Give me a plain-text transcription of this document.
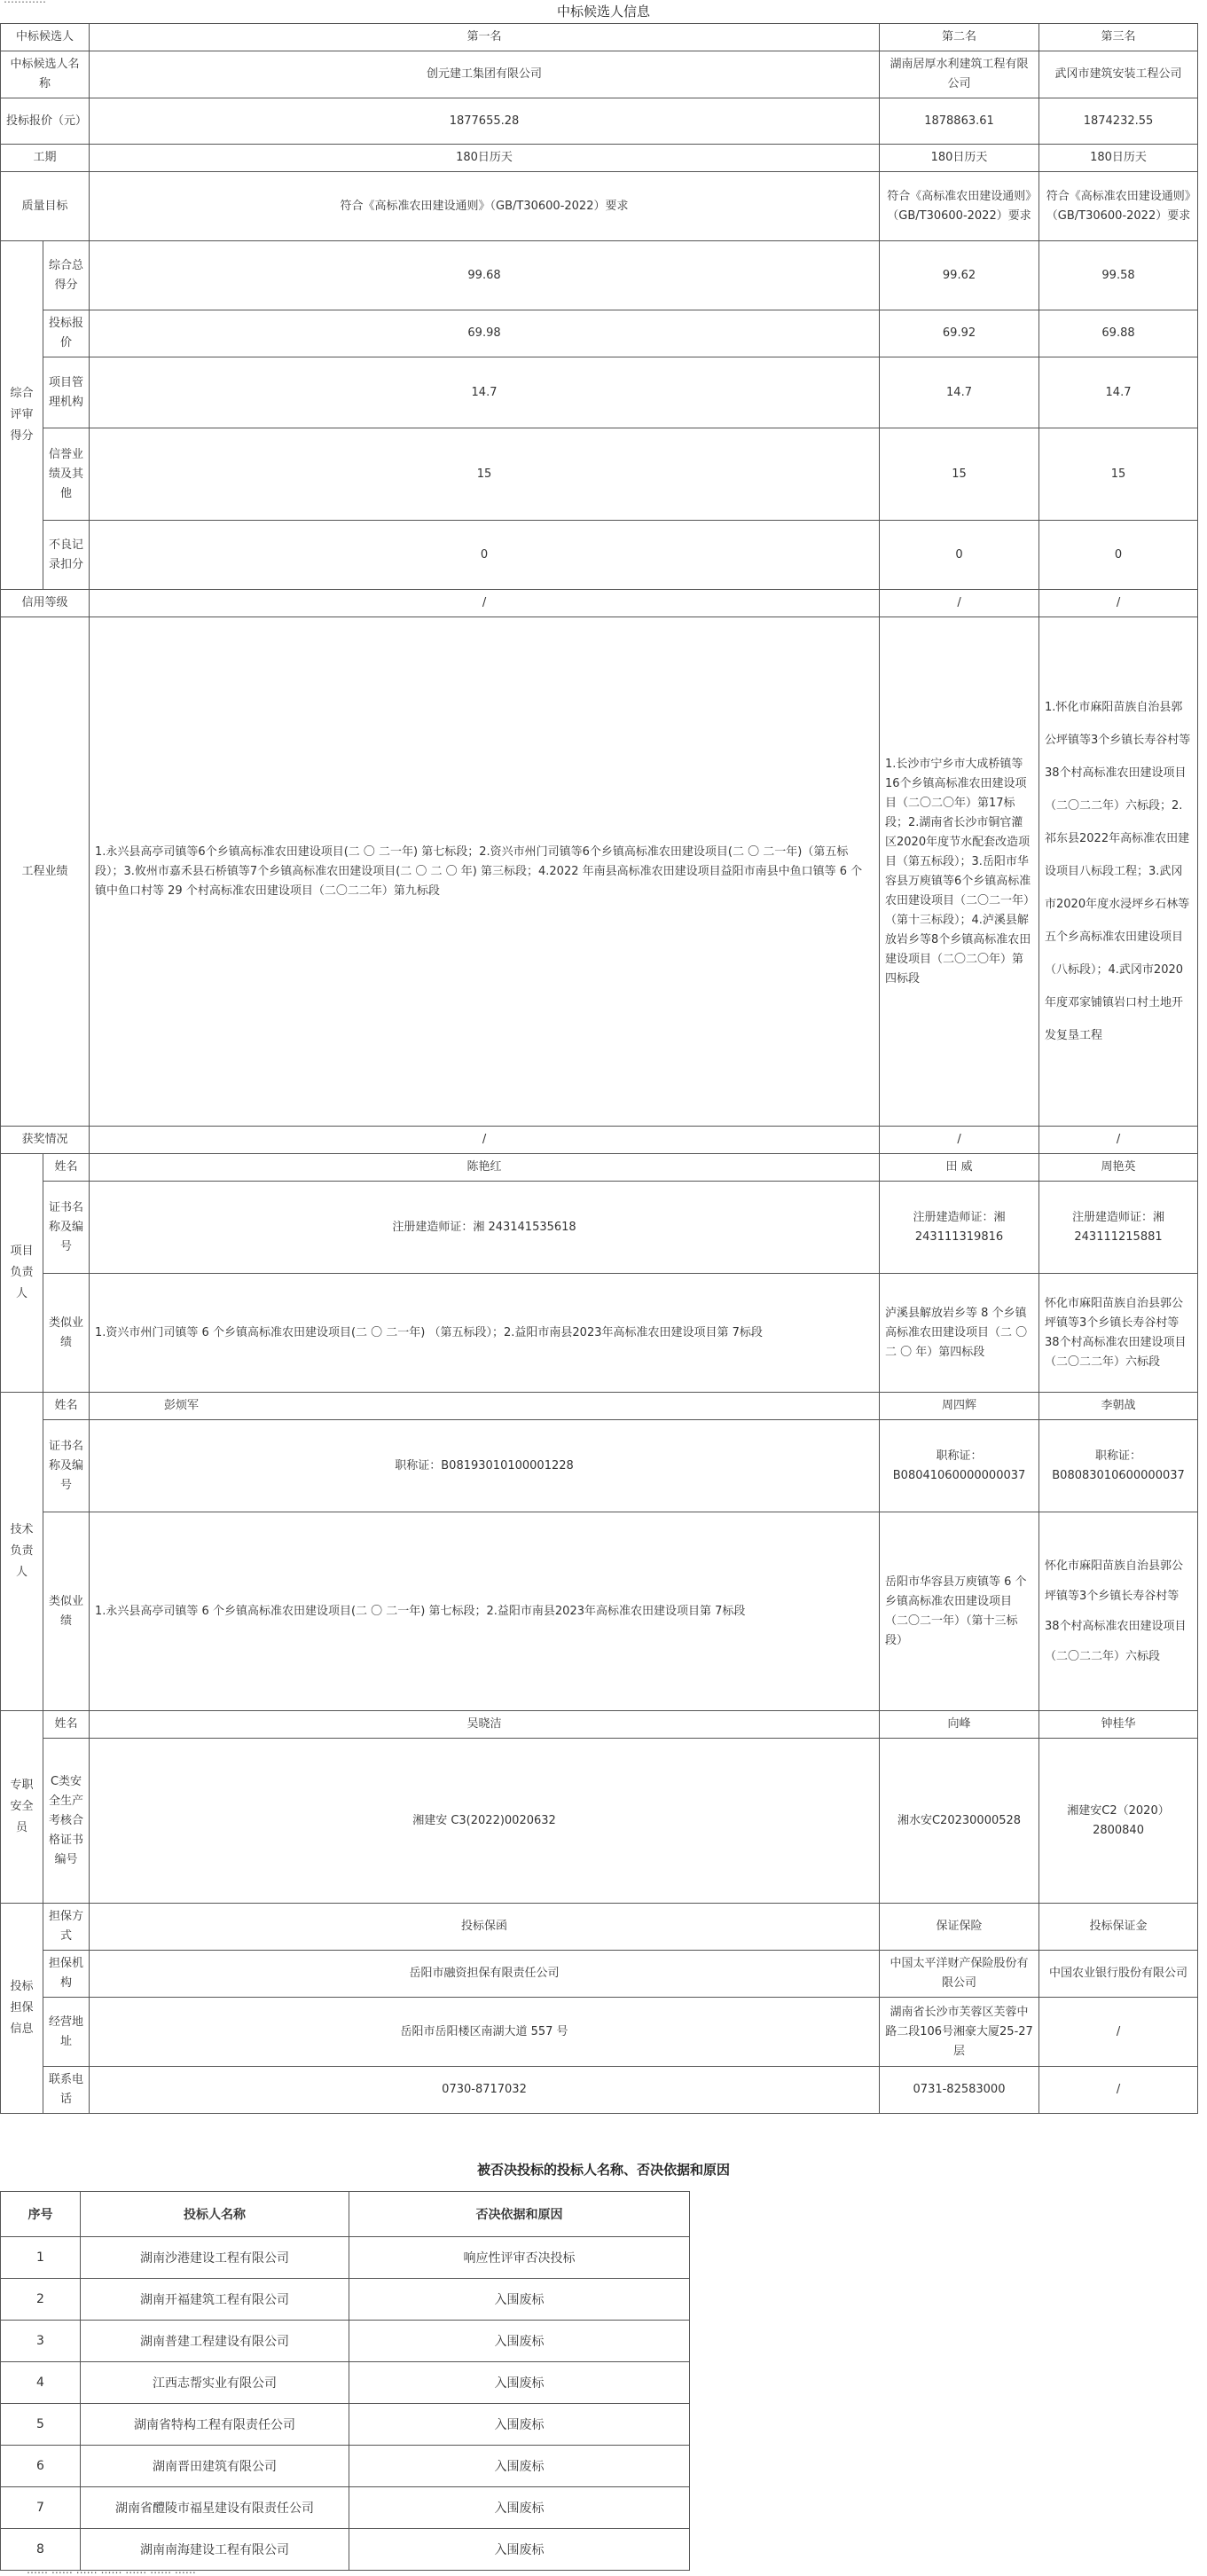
中标候选人信息
中标候选人		第一名	第二名	第三名
中标候选人名称		创元建工集团有限公司	湖南居厚水利建筑工程有限公司	武冈市建筑安装工程公司
投标报价（元）		1877655.28	1878863.61	1874232.55
工期		180日历天	180日历天	180日历天
质量目标		符合《高标准农田建设通则》（GB/T30600-2022）要求	符合《高标准农田建设通则》（GB/T30600-2022）要求	符合《高标准农田建设通则》（GB/T30600-2022）要求
综合评审得分	综合总得分	99.68	99.62	99.58
	投标报价	69.98	69.92	69.88
	项目管理机构	14.7	14.7	14.7
	信誉业绩及其他	15	15	15
	不良记录扣分	0	0	0
信用等级		/	/	/
工程业绩		1.永兴县高亭司镇等6个乡镇高标准农田建设项目(二 〇 二一年) 第七标段；2.资兴市州门司镇等6个乡镇高标准农田建设项目(二 〇 二一年)（第五标段）；3.攸州市嘉禾县石桥镇等7个乡镇高标准农田建设项目(二 〇 二 〇 年) 第三标段；4.2022 年南县高标准农田建设项目益阳市南县中鱼口镇等 6 个镇中鱼口村等 29 个村高标准农田建设项目（二〇二二年）第九标段	1.长沙市宁乡市大成桥镇等16个乡镇高标准农田建设项目（二〇二〇年）第17标段；2.湖南省长沙市铜官灌区2020年度节水配套改造项目（第五标段）；3.岳阳市华容县万庾镇等6个乡镇高标准农田建设项目（二〇二一年）（第十三标段）；4.泸溪县解放岩乡等8个乡镇高标准农田建设项目（二〇二〇年）第四标段	1.怀化市麻阳苗族自治县郭公坪镇等3个乡镇长寿谷村等38个村高标准农田建设项目（二〇二二年）六标段；2.祁东县2022年高标准农田建设项目八标段工程；3.武冈市2020年度水浸坪乡石林等五个乡高标准农田建设项目（八标段）；4.武冈市2020年度邓家铺镇岩口村土地开发复垦工程
获奖情况		/	/	/
项目负责人	姓名	陈艳红	田 威	周艳英
	证书名称及编号	注册建造师证：湘 243141535618	注册建造师证：湘 243111319816	注册建造师证：湘 243111215881
	类似业绩	1.资兴市州门司镇等 6 个乡镇高标准农田建设项目(二 〇 二一年) （第五标段）；2.益阳市南县2023年高标准农田建设项目第 7标段	泸溪县解放岩乡等 8 个乡镇高标准农田建设项目（二 〇 二 〇 年）第四标段	怀化市麻阳苗族自治县郭公坪镇等3个乡镇长寿谷村等38个村高标准农田建设项目（二〇二二年）六标段
技术负责人	姓名	彭烦军	周四辉	李朝战
	证书名称及编号	职称证：B08193010100001228	职称证：B08041060000000037	职称证：B08083010600000037
	类似业绩	1.永兴县高亭司镇等 6 个乡镇高标准农田建设项目(二 〇 二一年) 第七标段；2.益阳市南县2023年高标准农田建设项目第 7标段	岳阳市华容县万庾镇等 6 个乡镇高标准农田建设项目（二〇二一年）（第十三标段）	怀化市麻阳苗族自治县郭公坪镇等3个乡镇长寿谷村等38个村高标准农田建设项目（二〇二二年）六标段
专职安全员	姓名	吴晓洁	向峰	钟桂华
	C类安全生产考核合格证书编号	湘建安 C3(2022)0020632	湘水安C20230000528	湘建安C2（2020）2800840
投标担保信息	担保方式	投标保函	保证保险	投标保证金
	担保机构	岳阳市融资担保有限责任公司	中国太平洋财产保险股份有限公司	中国农业银行股份有限公司
	经营地址	岳阳市岳阳楼区南湖大道 557 号	湖南省长沙市芙蓉区芙蓉中路二段106号湘豪大厦25-27层	/
	联系电话	0730-8717032	0731-82583000	/
被否决投标的投标人名称、否决依据和原因
序号	投标人名称	否决依据和原因
1	湖南沙港建设工程有限公司	响应性评审否决投标
2	湖南开福建筑工程有限公司	入围废标
3	湖南普建工程建设有限公司	入围废标
4	江西志帮实业有限公司	入围废标
5	湖南省特构工程有限责任公司	入围废标
6	湖南晋田建筑有限公司	入围废标
7	湖南省醴陵市福星建设有限责任公司	入围废标
8	湖南南海建设工程有限公司	入围废标
…… …… …… …… …… …… ……
